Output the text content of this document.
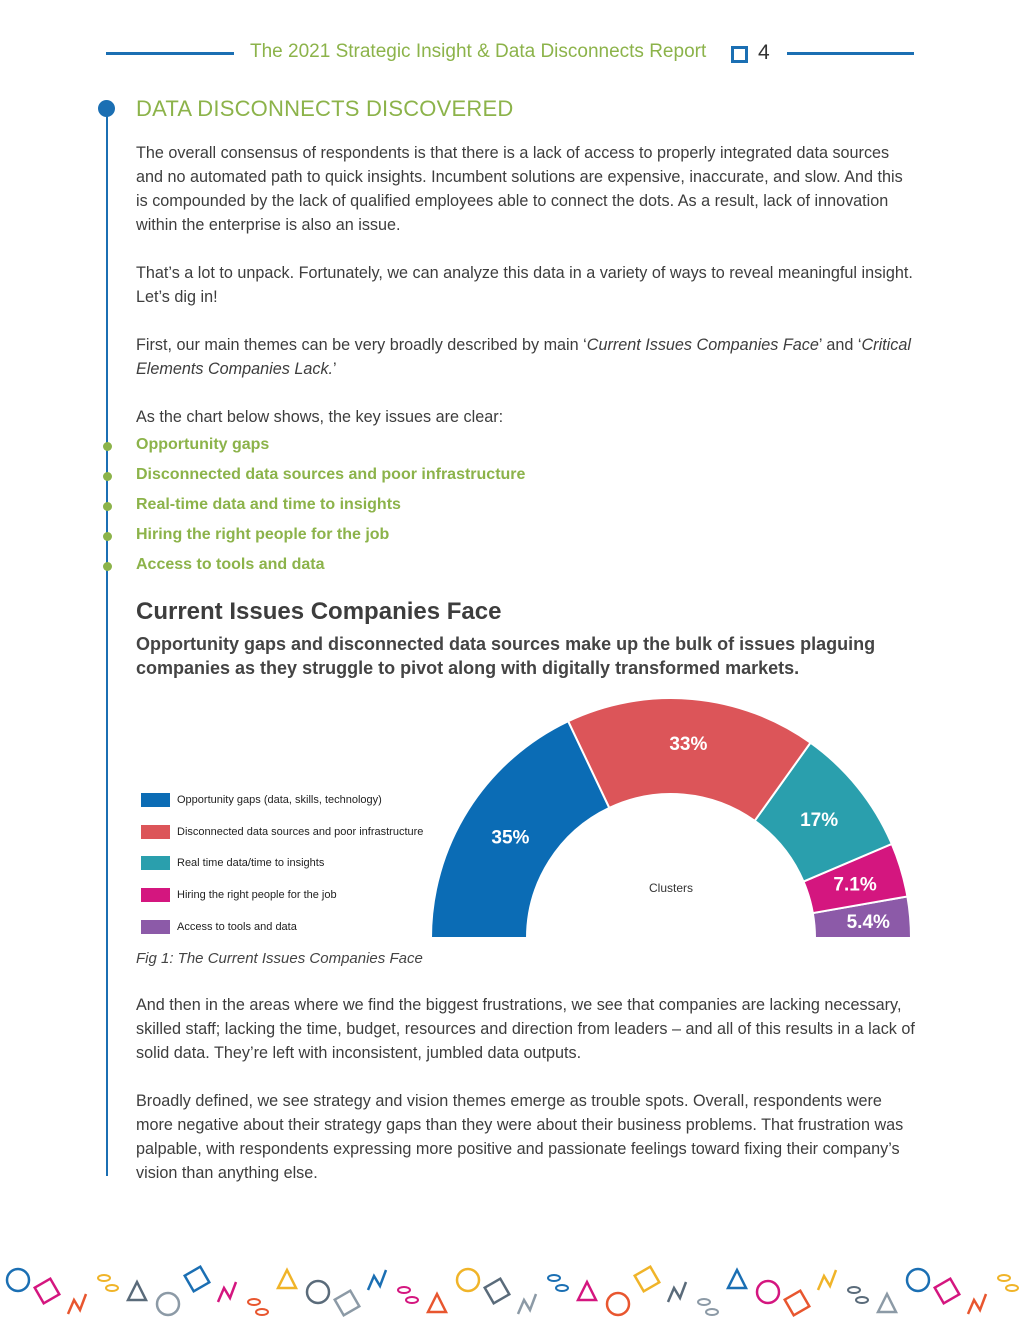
The 2021 Strategic Insight & Data Disconnects Report 4
DATA DISCONNECTS DISCOVERED

The overall consensus of respondents is that there is a lack of access to properly integrated data sources and no automated path to quick insights. Incumbent solutions are expensive, inaccurate, and slow. And this is compounded by the lack of qualified employees able to connect the dots. As a result, lack of innovation within the enterprise is also an issue.

That’s a lot to unpack. Fortunately, we can analyze this data in a variety of ways to reveal meaningful insight. Let’s dig in!

First, our main themes can be very broadly described by main ‘Current Issues Companies Face’ and ‘Critical Elements Companies Lack.’

As the chart below shows, the key issues are clear:

Opportunity gaps
Disconnected data sources and poor infrastructure
Real-time data and time to insights
Hiring the right people for the job
Access to tools and data
Current Issues Companies Face

Opportunity gaps and disconnected data sources make up the bulk of issues plaguing companies as they struggle to pivot along with digitally transformed markets.

Opportunity gaps (data, skills, technology)
Disconnected data sources and poor infrastructure
Real time data/time to insights
Hiring the right people for the job
Access to tools and data
Clusters
35%
33%
17%
7.1%
5.4%
Fig 1: The Current Issues Companies Face

And then in the areas where we find the biggest frustrations, we see that companies are lacking necessary, skilled staff; lacking the time, budget, resources and direction from leaders – and all of this results in a lack of solid data. They’re left with inconsistent, jumbled data outputs.

Broadly defined, we see strategy and vision themes emerge as trouble spots. Overall, respondents were more negative about their strategy gaps than they were about their business problems. That frustration was palpable, with respondents expressing more positive and passionate feelings toward fixing their company’s vision than anything else.
